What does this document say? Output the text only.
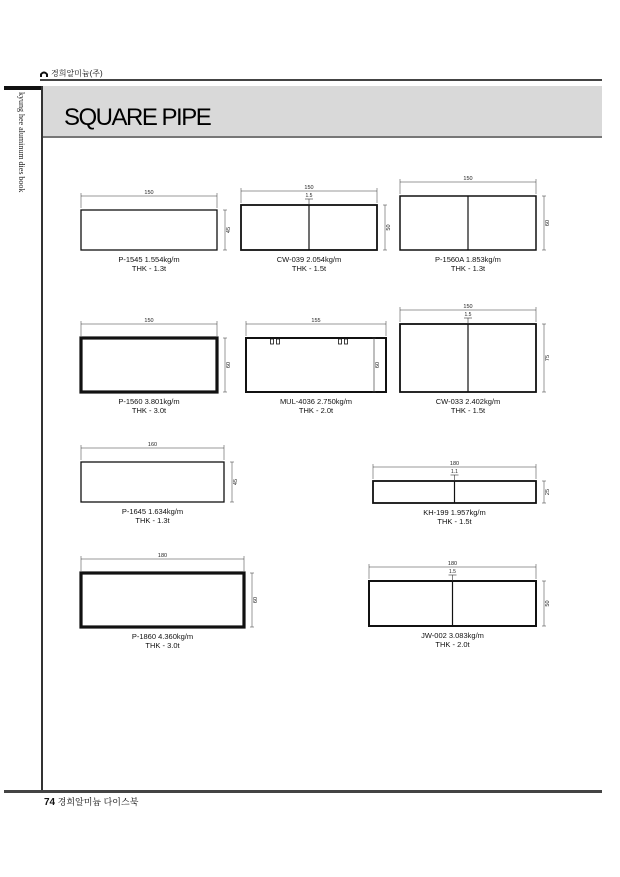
경희알미늄(주)
kyung hee aluminum dies book SQUARE PIPE
150
45
150
1.5
50
150
60
150
60
155
60
150
1.5
75
160
45
180
1.1
25
180
60
180
1.5
50
P-1545 1.554kg/m
THK - 1.3t
CW-039 2.054kg/m
THK - 1.5t
P-1560A 1.853kg/m
THK - 1.3t
P-1560 3.801kg/m
THK - 3.0t
MUL-4036 2.750kg/m
THK - 2.0t
CW-033 2.402kg/m
THK - 1.5t
P-1645 1.634kg/m
THK - 1.3t
KH-199 1.957kg/m
THK - 1.5t
P-1860 4.360kg/m
THK - 3.0t
JW-002 3.083kg/m
THK - 2.0t
74 경희알미늄 다이스북
